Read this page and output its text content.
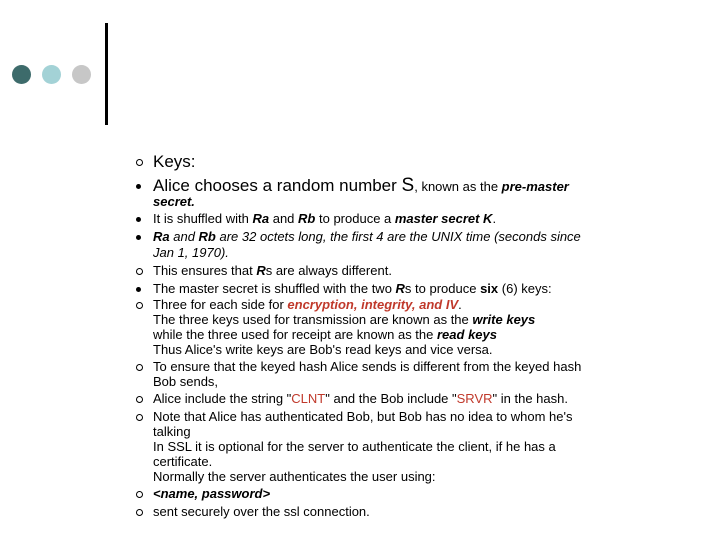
Keys:
Alice chooses a random number S, known as the pre-master
secret.
It is shuffled with Ra and Rb to produce a master secret K.
Ra and Rb are 32 octets long, the first 4 are the UNIX time (seconds since
Jan 1, 1970).
This ensures that Rs are always different.
The master secret is shuffled with the two Rs to produce six (6) keys:
Three for each side for encryption, integrity, and IV.
The three keys used for transmission are known as the write keys
while the three used for receipt are known as the read keys
Thus Alice's write keys are Bob's read keys and vice versa.
To ensure that the keyed hash Alice sends is different from the keyed hash
Bob sends,
Alice include the string "CLNT" and the Bob include "SRVR" in the hash.
Note that Alice has authenticated Bob, but Bob has no idea to whom he's
talking
In SSL it is optional for the server to authenticate the client, if he has a
certificate.
Normally the server authenticates the user using:
<name, password>
sent securely over the ssl connection.
